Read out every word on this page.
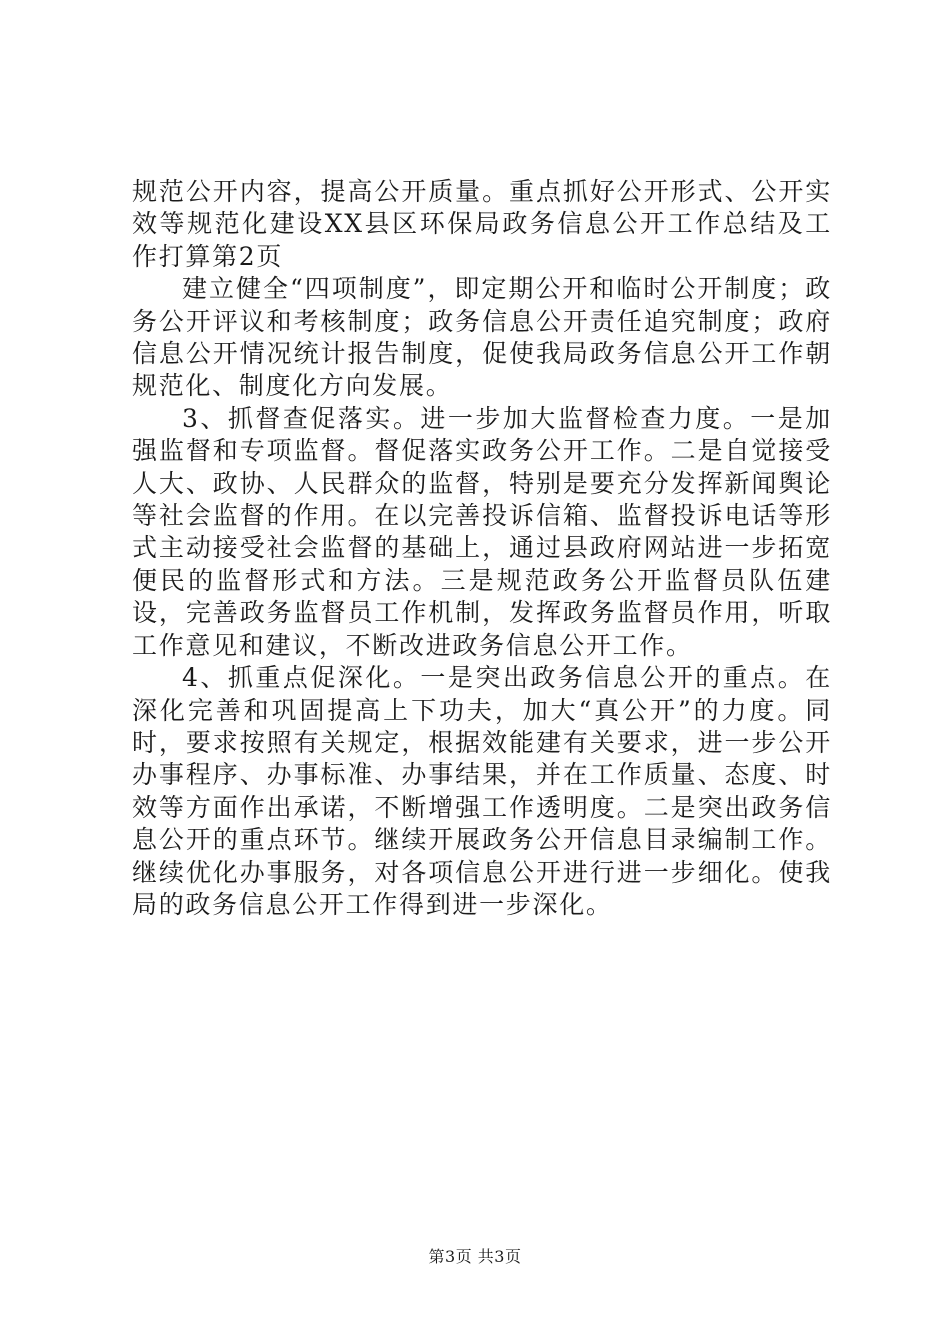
规范公开内容，提高公开质量。重点抓好公开形式、公开实效等规范化建设XX县区环保局政务信息公开工作总结及工作打算第2页

建立健全“四项制度”，即定期公开和临时公开制度；政务公开评议和考核制度；政务信息公开责任追究制度；政府信息公开情况统计报告制度，促使我局政务信息公开工作朝规范化、制度化方向发展。

3、抓督查促落实。进一步加大监督检查力度。一是加强监督和专项监督。督促落实政务公开工作。二是自觉接受人大、政协、人民群众的监督，特别是要充分发挥新闻舆论等社会监督的作用。在以完善投诉信箱、监督投诉电话等形式主动接受社会监督的基础上，通过县政府网站进一步拓宽便民的监督形式和方法。三是规范政务公开监督员队伍建设，完善政务监督员工作机制，发挥政务监督员作用，听取工作意见和建议，不断改进政务信息公开工作。

4、抓重点促深化。一是突出政务信息公开的重点。在深化完善和巩固提高上下功夫，加大“真公开”的力度。同时，要求按照有关规定，根据效能建有关要求，进一步公开办事程序、办事标准、办事结果，并在工作质量、态度、时效等方面作出承诺，不断增强工作透明度。二是突出政务信息公开的重点环节。继续开展政务公开信息目录编制工作。继续优化办事服务，对各项信息公开进行进一步细化。使我局的政务信息公开工作得到进一步深化。

第3页 共3页
